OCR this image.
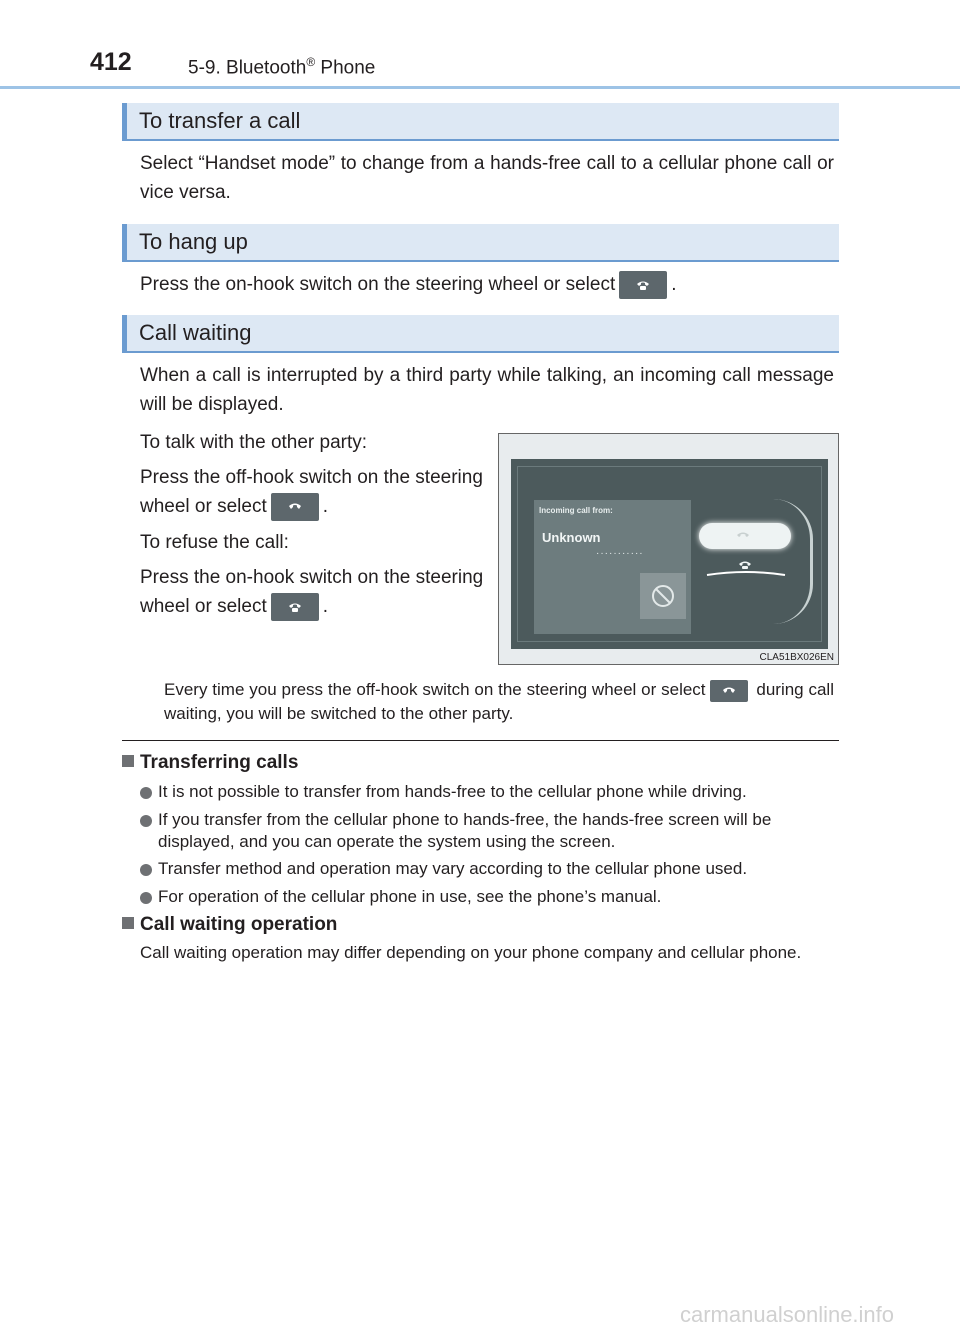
412	5-9. Bluetooth® Phone
To transfer a call
Select “Handset mode” to change from a hands-free call to a cellular phone call or vice versa.
To hang up
Press the on-hook switch on the steering wheel or select	.
Call waiting
When a call is interrupted by a third party while talking, an incoming call message will be displayed.
To talk with the other party:
Press the off-hook switch on the steering wheel or select	.
To refuse the call:
Press the on-hook switch on the steering wheel or select	.
Incoming call from:
Unknown
···········
CLA51BX026EN
Every time you press the off-hook switch on the steering wheel or select	during call waiting, you will be switched to the other party.
Transferring calls
It is not possible to transfer from hands-free to the cellular phone while driving.
If you transfer from the cellular phone to hands-free, the hands-free screen will be displayed, and you can operate the system using the screen.
Transfer method and operation may vary according to the cellular phone used.
For operation of the cellular phone in use, see the phone’s manual.
Call waiting operation
Call waiting operation may differ depending on your phone company and cellular phone.
carmanualsonline.info
